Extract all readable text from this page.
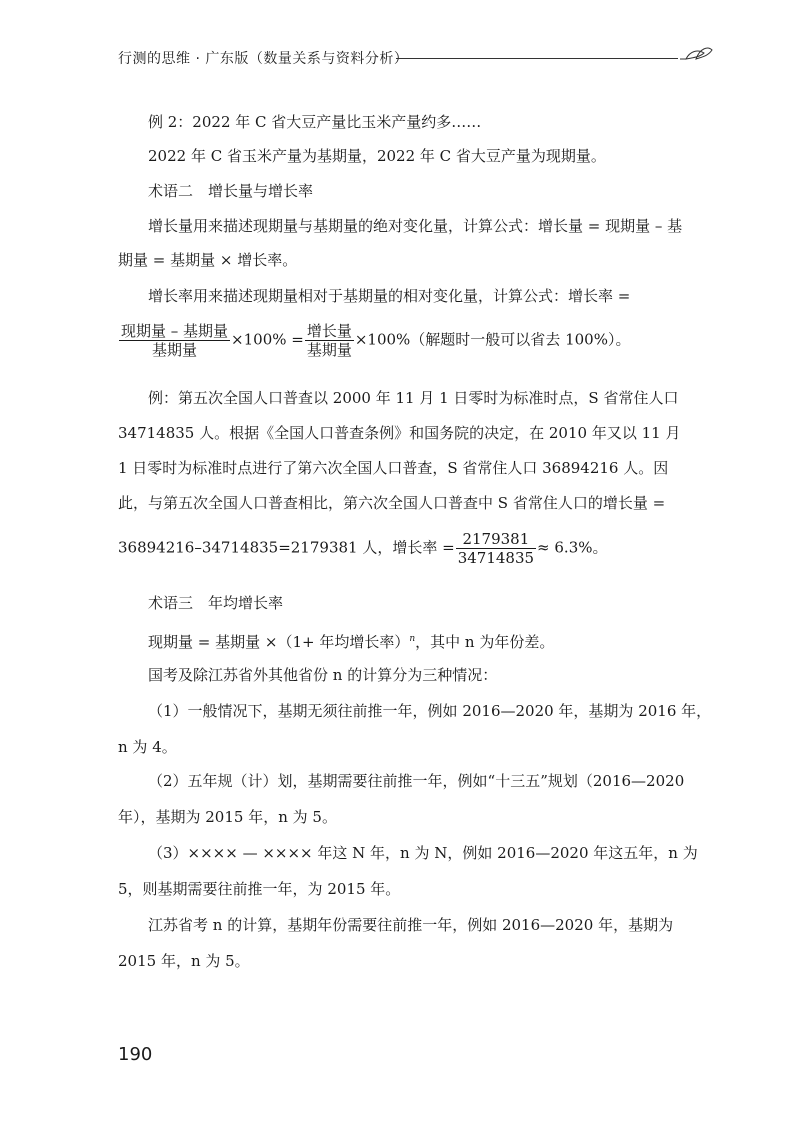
行测的思维 · 广东版（数量关系与资料分析）
例 2：2022 年 C 省大豆产量比玉米产量约多……
2022 年 C 省玉米产量为基期量，2022 年 C 省大豆产量为现期量。
术语二　增长量与增长率
增长量用来描述现期量与基期量的绝对变化量，计算公式：增长量 = 现期量 – 基
期量 = 基期量 × 增长率。
增长率用来描述现期量相对于基期量的相对变化量，计算公式：增长率 =
$\frac{\text{现期量 – 基期量}}{\text{基期量}} \times 100\% = \frac{\text{增长量}}{\text{基期量}} \times 100\%$（解题时一般可以省去 100%）。
例：第五次全国人口普查以 2000 年 11 月 1 日零时为标准时点，S 省常住人口
34714835 人。根据《全国人口普查条例》和国务院的决定，在 2010 年又以 11 月
1 日零时为标准时点进行了第六次全国人口普查，S 省常住人口 36894216 人。因
此，与第五次全国人口普查相比，第六次全国人口普查中 S 省常住人口的增长量 =
36894216–34714835=2179381 人，增长率 = $\frac{2179381}{34714835} \approx 6.3\%$。
术语三　年均增长率
现期量 = 基期量 ×（1+ 年均增长率）$^n$，其中 n 为年份差。
国考及除江苏省外其他省份 n 的计算分为三种情况：
（1）一般情况下，基期无须往前推一年，例如 2016—2020 年，基期为 2016 年，
n 为 4。
（2）五年规（计）划，基期需要往前推一年，例如“十三五”规划（2016—2020
年），基期为 2015 年，n 为 5。
（3）×××× — ×××× 年这 N 年，n 为 N，例如 2016—2020 年这五年，n 为
5，则基期需要往前推一年，为 2015 年。
江苏省考 n 的计算，基期年份需要往前推一年，例如 2016—2020 年，基期为
2015 年，n 为 5。
190
